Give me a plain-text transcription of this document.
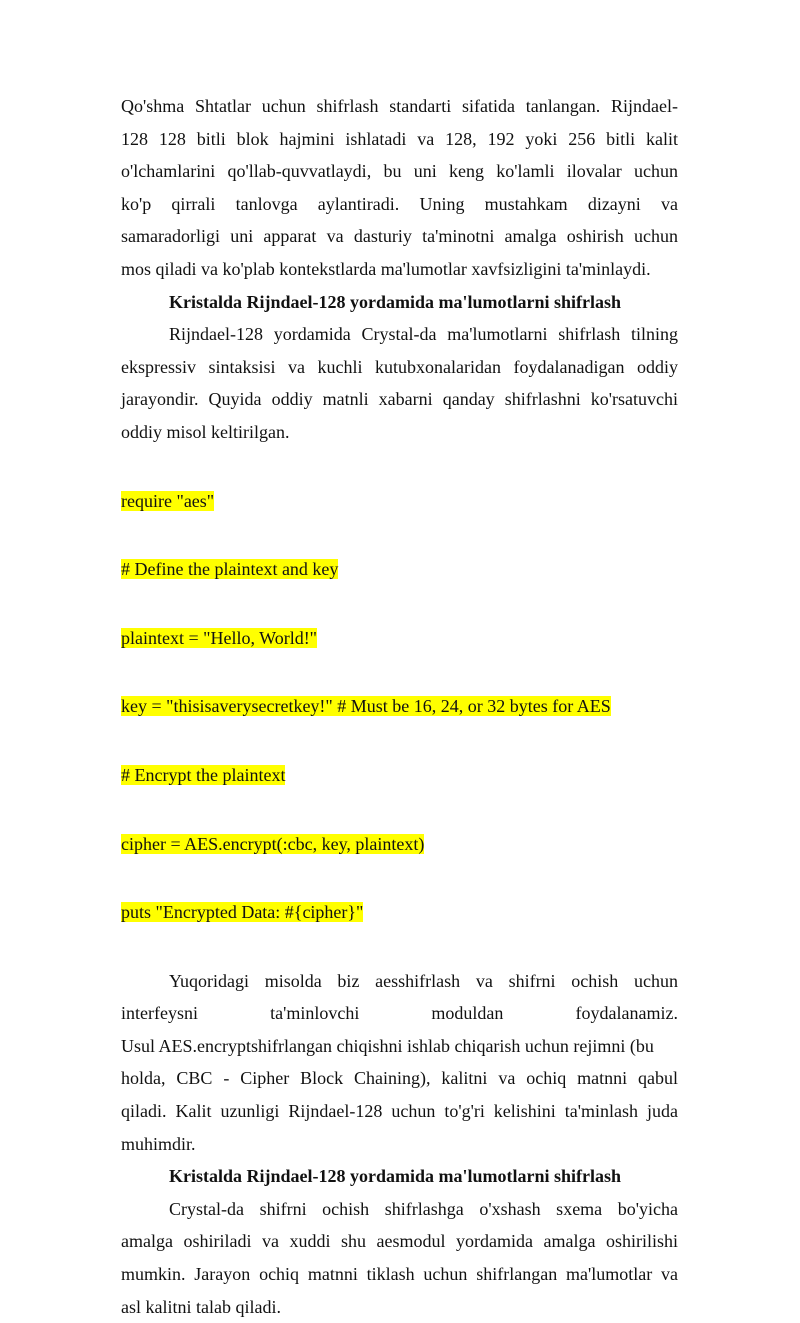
Qo'shma Shtatlar uchun shifrlash standarti sifatida tanlangan. Rijndael-
128 128 bitli blok hajmini ishlatadi va 128, 192 yoki 256 bitli kalit
o'lchamlarini qo'llab-quvvatlaydi, bu uni keng ko'lamli ilovalar uchun
ko'p qirrali tanlovga aylantiradi. Uning mustahkam dizayni va
samaradorligi uni apparat va dasturiy ta'minotni amalga oshirish uchun
mos qiladi va ko'plab kontekstlarda ma'lumotlar xavfsizligini ta'minlaydi.
Kristalda Rijndael-128 yordamida ma'lumotlarni shifrlash
Rijndael-128 yordamida Crystal-da ma'lumotlarni shifrlash tilning
ekspressiv sintaksisi va kuchli kutubxonalaridan foydalanadigan oddiy
jarayondir. Quyida oddiy matnli xabarni qanday shifrlashni ko'rsatuvchi
oddiy misol keltirilgan.

require "aes"

# Define the plaintext and key

plaintext = "Hello, World!"

key = "thisisaverysecretkey!" # Must be 16, 24, or 32 bytes for AES

# Encrypt the plaintext

cipher = AES.encrypt(:cbc, key, plaintext)

puts "Encrypted Data: #{cipher}"

Yuqoridagi misolda biz aesshifrlash va shifrni ochish uchun
interfeysni ta'minlovchi moduldan foydalanamiz.
Usul AES.encryptshifrlangan chiqishni ishlab chiqarish uchun rejimni (bu
holda, CBC - Cipher Block Chaining), kalitni va ochiq matnni qabul
qiladi. Kalit uzunligi Rijndael-128 uchun to'g'ri kelishini ta'minlash juda
muhimdir.
Kristalda Rijndael-128 yordamida ma'lumotlarni shifrlash
Crystal-da shifrni ochish shifrlashga o'xshash sxema bo'yicha
amalga oshiriladi va xuddi shu aesmodul yordamida amalga oshirilishi
mumkin. Jarayon ochiq matnni tiklash uchun shifrlangan ma'lumotlar va
asl kalitni talab qiladi.
